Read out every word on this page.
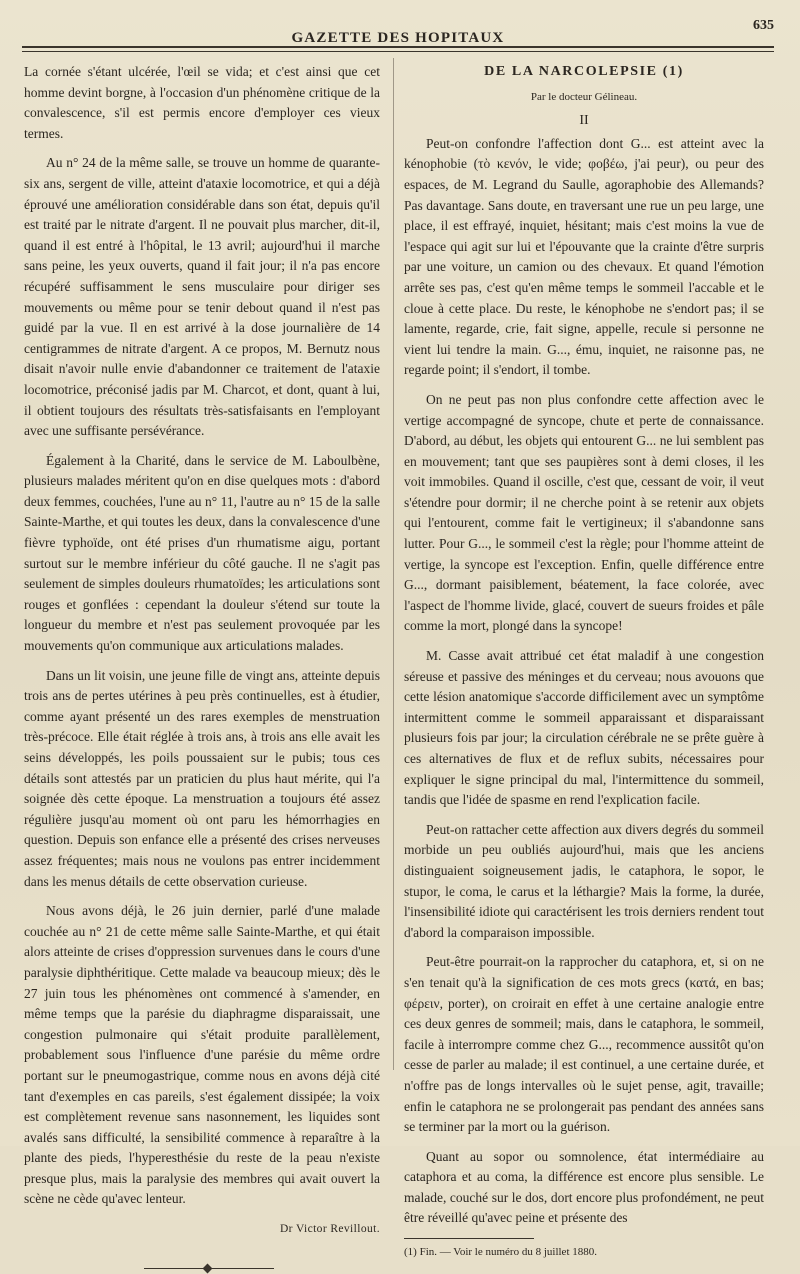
GAZETTE DES HOPITAUX
635

La cornée s'étant ulcérée, l'œil se vida; et c'est ainsi que cet homme devint borgne, à l'occasion d'un phénomène critique de la convalescence, s'il est permis encore d'employer ces vieux termes.

Au n° 24 de la même salle, se trouve un homme de quarante-six ans, sergent de ville, atteint d'ataxie locomotrice, et qui a déjà éprouvé une amélioration considérable dans son état, depuis qu'il est traité par le nitrate d'argent. Il ne pouvait plus marcher, dit-il, quand il est entré à l'hôpital, le 13 avril; aujourd'hui il marche sans peine, les yeux ouverts, quand il fait jour; il n'a pas encore récupéré suffisamment le sens musculaire pour diriger ses mouvements ou même pour se tenir debout quand il n'est pas guidé par la vue. Il en est arrivé à la dose journalière de 14 centigrammes de nitrate d'argent. A ce propos, M. Bernutz nous disait n'avoir nulle envie d'abandonner ce traitement de l'ataxie locomotrice, préconisé jadis par M. Charcot, et dont, quant à lui, il obtient toujours des résultats très-satisfaisants en l'employant avec une suffisante persévérance.

Également à la Charité, dans le service de M. Laboulbène, plusieurs malades méritent qu'on en dise quelques mots : d'abord deux femmes, couchées, l'une au n° 11, l'autre au n° 15 de la salle Sainte-Marthe, et qui toutes les deux, dans la convalescence d'une fièvre typhoïde, ont été prises d'un rhumatisme aigu, portant surtout sur le membre inférieur du côté gauche. Il ne s'agit pas seulement de simples douleurs rhumatoïdes; les articulations sont rouges et gonflées : cependant la douleur s'étend sur toute la longueur du membre et n'est pas seulement provoquée par les mouvements qu'on communique aux articulations malades.

Dans un lit voisin, une jeune fille de vingt ans, atteinte depuis trois ans de pertes utérines à peu près continuelles, est à étudier, comme ayant présenté un des rares exemples de menstruation très-précoce. Elle était réglée à trois ans, à trois ans elle avait les seins développés, les poils poussaient sur le pubis; tous ces détails sont attestés par un praticien du plus haut mérite, qui l'a soignée dès cette époque. La menstruation a toujours été assez régulière jusqu'au moment où ont paru les hémorrhagies en question. Depuis son enfance elle a présenté des crises nerveuses assez fréquentes; mais nous ne voulons pas entrer incidemment dans les menus détails de cette observation curieuse.

Nous avons déjà, le 26 juin dernier, parlé d'une malade couchée au n° 21 de cette même salle Sainte-Marthe, et qui était alors atteinte de crises d'oppression survenues dans le cours d'une paralysie diphthéritique. Cette malade va beaucoup mieux; dès le 27 juin tous les phénomènes ont commencé à s'amender, en même temps que la parésie du diaphragme disparaissait, une congestion pulmonaire qui s'était produite parallèlement, probablement sous l'influence d'une parésie du même ordre portant sur le pneumogastrique, comme nous en avons déjà cité tant d'exemples en cas pareils, s'est également dissipée; la voix est complètement revenue sans nasonnement, les liquides sont avalés sans difficulté, la sensibilité commence à reparaître à la plante des pieds, l'hyperesthésie du reste de la peau n'existe presque plus, mais la paralysie des membres qui avait ouvert la scène ne cède qu'avec lenteur.

Dr Victor Revillout.
DE LA NARCOLEPSIE (1)
Par le docteur Gélineau.
II

Peut-on confondre l'affection dont G... est atteint avec la kénophobie (τὸ κενόν, le vide; φοβέω, j'ai peur), ou peur des espaces, de M. Legrand du Saulle, agoraphobie des Allemands? Pas davantage. Sans doute, en traversant une rue un peu large, une place, il est effrayé, inquiet, hésitant; mais c'est moins la vue de l'espace qui agit sur lui et l'épouvante que la crainte d'être surpris par une voiture, un camion ou des chevaux. Et quand l'émotion arrête ses pas, c'est qu'en même temps le sommeil l'accable et le cloue à cette place. Du reste, le kénophobe ne s'endort pas; il se lamente, regarde, crie, fait signe, appelle, recule si personne ne vient lui tendre la main. G..., ému, inquiet, ne raisonne pas, ne regarde point; il s'endort, il tombe.

On ne peut pas non plus confondre cette affection avec le vertige accompagné de syncope, chute et perte de connaissance. D'abord, au début, les objets qui entourent G... ne lui semblent pas en mouvement; tant que ses paupières sont à demi closes, il les voit immobiles. Quand il oscille, c'est que, cessant de voir, il veut s'étendre pour dormir; il ne cherche point à se retenir aux objets qui l'entourent, comme fait le vertigineux; il s'abandonne sans lutter. Pour G..., le sommeil c'est la règle; pour l'homme atteint de vertige, la syncope est l'exception. Enfin, quelle différence entre G..., dormant paisiblement, béatement, la face colorée, avec l'aspect de l'homme livide, glacé, couvert de sueurs froides et pâle comme la mort, plongé dans la syncope!

M. Casse avait attribué cet état maladif à une congestion séreuse et passive des méninges et du cerveau; nous avouons que cette lésion anatomique s'accorde difficilement avec un symptôme intermittent comme le sommeil apparaissant et disparaissant plusieurs fois par jour; la circulation cérébrale ne se prête guère à ces alternatives de flux et de reflux subits, nécessaires pour expliquer le signe principal du mal, l'intermittence du sommeil, tandis que l'idée de spasme en rend l'explication facile.

Peut-on rattacher cette affection aux divers degrés du sommeil morbide un peu oubliés aujourd'hui, mais que les anciens distinguaient soigneusement jadis, le cataphora, le sopor, le stupor, le coma, le carus et la léthargie? Mais la forme, la durée, l'insensibilité idiote qui caractérisent les trois derniers rendent tout d'abord la comparaison impossible.

Peut-être pourrait-on la rapprocher du cataphora, et, si on ne s'en tenait qu'à la signification de ces mots grecs (κατά, en bas; φέρειν, porter), on croirait en effet à une certaine analogie entre ces deux genres de sommeil; mais, dans le cataphora, le sommeil, facile à interrompre comme chez G..., recommence aussitôt qu'on cesse de parler au malade; il est continuel, a une certaine durée, et n'offre pas de longs intervalles où le sujet pense, agit, travaille; enfin le cataphora ne se prolongerait pas pendant des années sans se terminer par la mort ou la guérison.

Quant au sopor ou somnolence, état intermédiaire au cataphora et au coma, la différence est encore plus sensible. Le malade, couché sur le dos, dort encore plus profondément, ne peut être réveillé qu'avec peine et présente des

(1) Fin. — Voir le numéro du 8 juillet 1880.
